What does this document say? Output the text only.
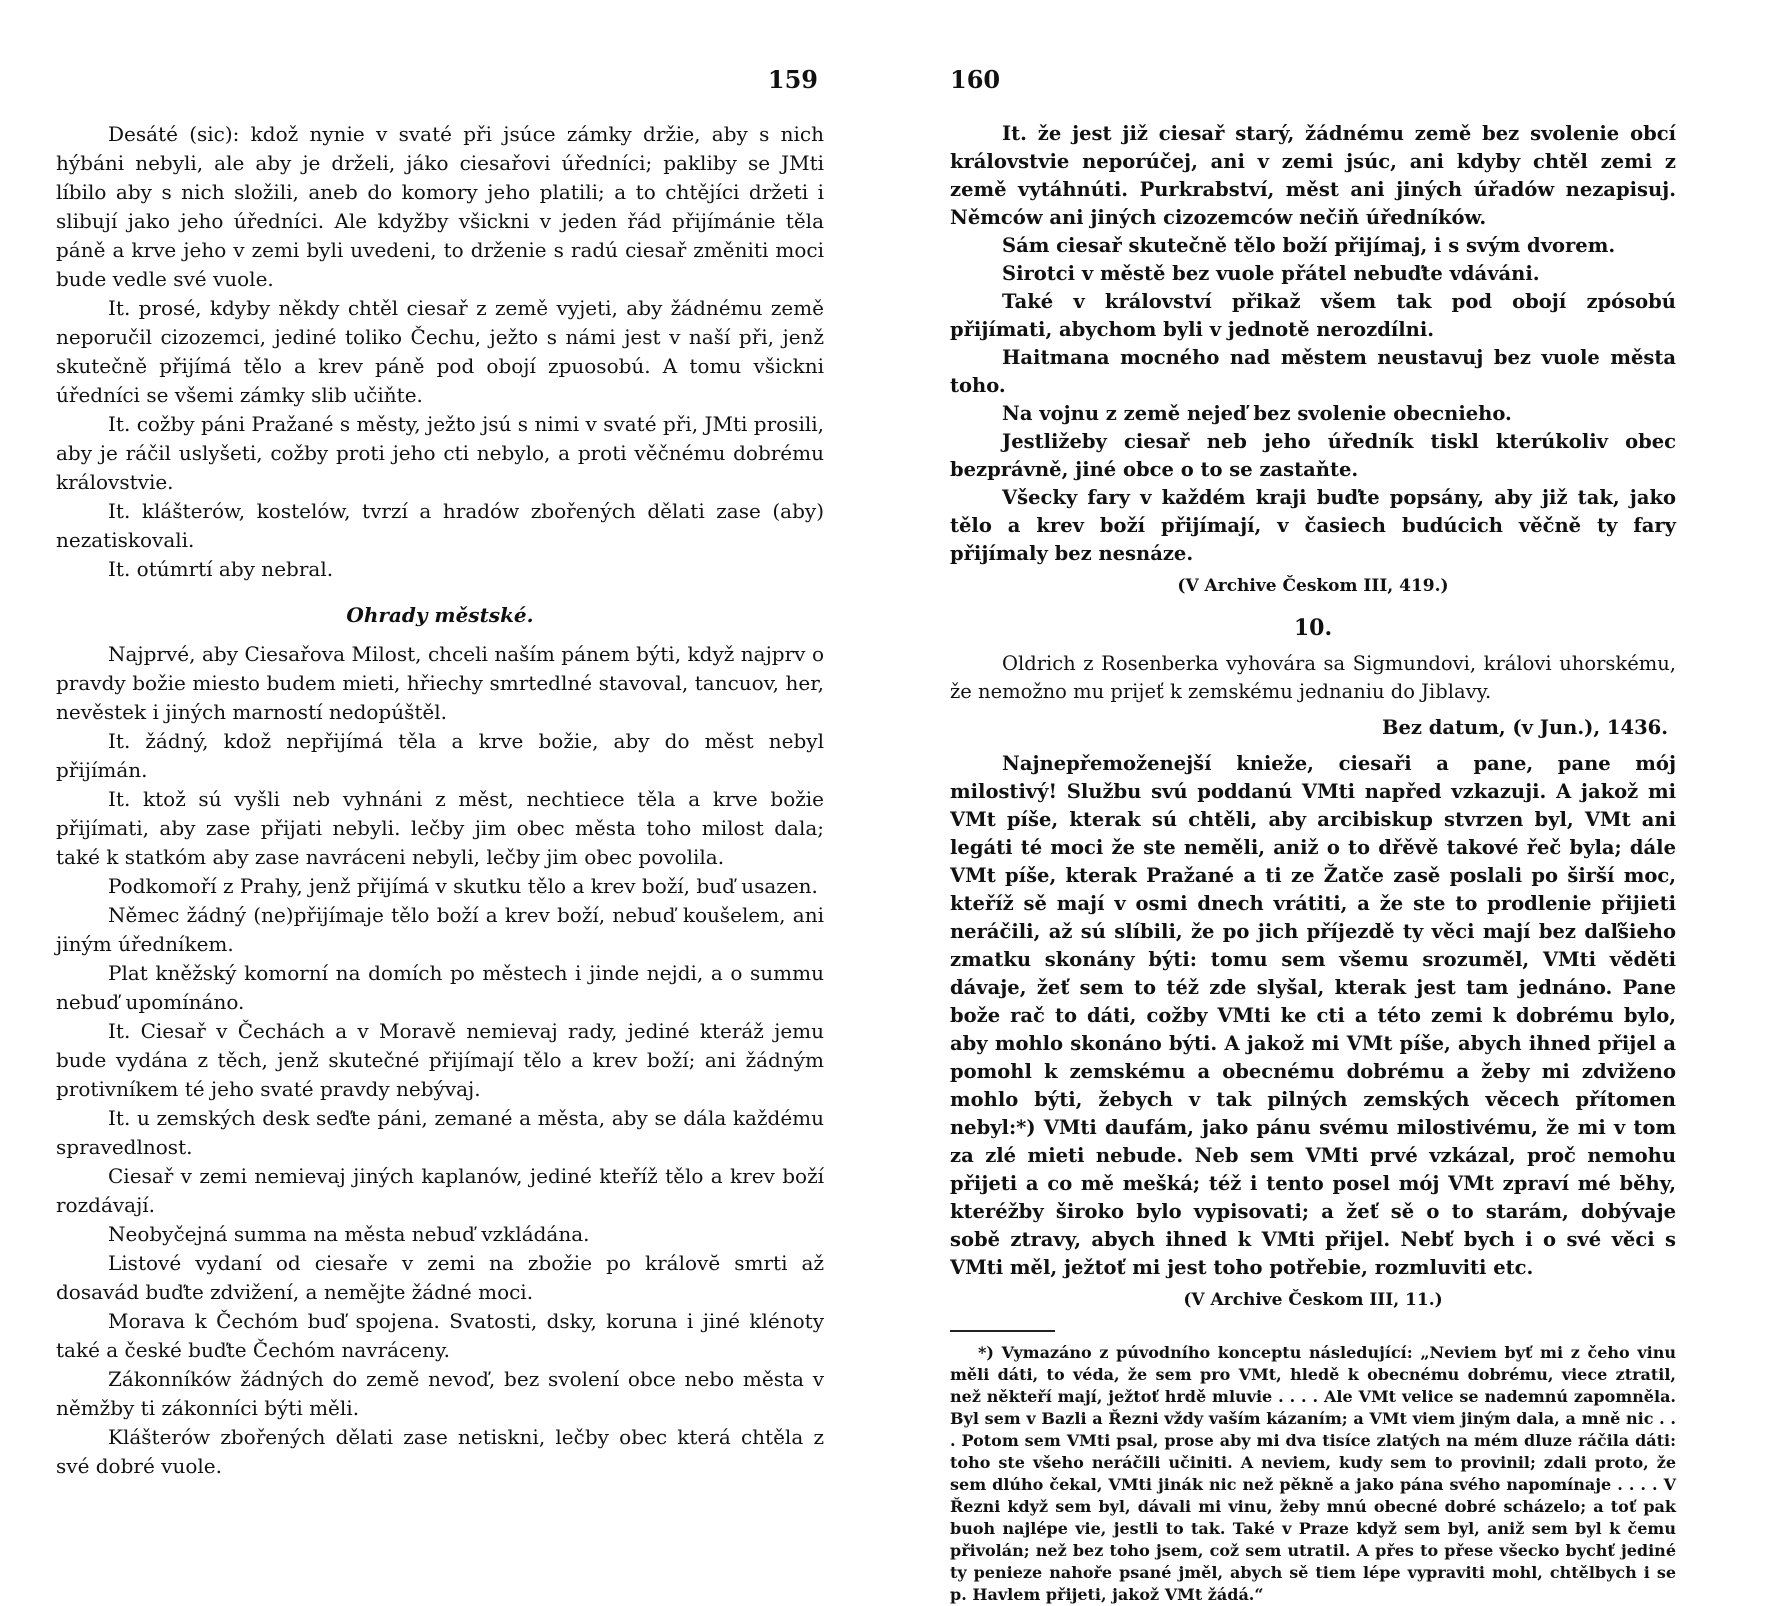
159

Desáté (sic): kdož nynie v svaté při jsúce zámky držie, aby s nich hýbáni nebyli, ale aby je drželi, jáko ciesařovi úředníci; pakliby se JMti líbilo aby s nich složili, aneb do komory jeho platili; a to chtějíci držeti i slibují jako jeho úředníci. Ale kdyžby všickni v jeden řád přijímánie těla páně a krve jeho v zemi byli uvedeni, to drženie s radú ciesař změniti moci bude vedle své vuole.

It. prosé, kdyby někdy chtěl ciesař z země vyjeti, aby žádnému země neporučil cizozemci, jediné toliko Čechu, ježto s námi jest v naší při, jenž skutečně přijímá tělo a krev páně pod obojí zpuosobú. A tomu všickni úředníci se všemi zámky slib učiňte.

It. cožby páni Pražané s městy, ježto jsú s nimi v svaté při, JMti prosili, aby je ráčil uslyšeti, cožby proti jeho cti nebylo, a proti věčnému dobrému královstvie.

It. klášterów, kostelów, tvrzí a hradów zbořených dělati zase (aby) nezatiskovali.

It. otúmrtí aby nebral.

Ohrady městské.

Najprvé, aby Ciesařova Milost, chceli naším pánem býti, když najprv o pravdy božie miesto budem mieti, hřiechy smrtedlné stavoval, tancuov, her, nevěstek i jiných marností nedopúštěl.

It. žádný, kdož nepřijímá těla a krve božie, aby do měst nebyl přijímán.

It. ktož sú vyšli neb vyhnáni z měst, nechtiece těla a krve božie přijímati, aby zase přijati nebyli. lečby jim obec města toho milost dala; také k statkóm aby zase navráceni nebyli, lečby jim obec povolila.

Podkomoří z Prahy, jenž přijímá v skutku tělo a krev boží, buď usazen.

Němec žádný (ne)přijímaje tělo boží a krev boží, nebuď koušelem, ani jiným úředníkem.

Plat kněžský komorní na domích po městech i jinde nejdi, a o summu nebuď upomínáno.

It. Ciesař v Čechách a v Moravě nemievaj rady, jediné kteráž jemu bude vydána z těch, jenž skutečné přijímají tělo a krev boží; ani žádným protivníkem té jeho svaté pravdy nebývaj.

It. u zemských desk seďte páni, zemané a města, aby se dála každému spravedlnost.

Ciesař v zemi nemievaj jiných kaplanów, jediné kteříž tělo a krev boží rozdávají.

Neobyčejná summa na města nebuď vzkládána.

Listové vydaní od ciesaře v zemi na zbožie po královĕ smrti až dosavád buďte zdvižení, a nemějte žádné moci.

Morava k Čechóm buď spojena. Svatosti, dsky, koruna i jiné klénoty také a české buďte Čechóm navráceny.

Zákonníków žádných do země nevoď, bez svolení obce nebo města v němžby ti zákonníci býti měli.

Klášterów zbořených dělati zase netiskni, lečby obec která chtěla z své dobré vuole.

160

It. že jest již ciesař starý, žádnému země bez svolenie obcí královstvie neporúčej, ani v zemi jsúc, ani kdyby chtěl zemi z země vytáhnúti. Purkrabství, měst ani jiných úřadów nezapisuj. Němców ani jiných cizozemców nečiň úředníków.

Sám ciesař skutečně tělo boží přijímaj, i s svým dvorem.

Sirotci v městě bez vuole přátel nebuďte vdáváni.

Také v království přikaž všem tak pod obojí zpósobú přijímati, abychom byli v jednotě nerozdílni.

Haitmana mocného nad městem neustavuj bez vuole města toho.

Na vojnu z země nejeď bez svolenie obecnieho.

Jestližeby ciesař neb jeho úředník tiskl kterúkoliv obec bezprávně, jiné obce o to se zastaňte.

Všecky fary v každém kraji buďte popsány, aby již tak, jako tělo a krev boží přijímají, v časiech budúcich věčně ty fary přijímaly bez nesnáze.

(V Archive Českom III, 419.)
10.

Oldrich z Rosenberka vyhovára sa Sigmundovi, královi uhorskému, že nemožno mu prijeť k zemskému jednaniu do Jiblavy.

Bez datum, (v Jun.), 1436.

Najnepřemoženejší knieže, ciesaři a pane, pane mój milostivý! Službu svú poddanú VMti napřed vzkazuji. A jakož mi VMt píše, kterak sú chtěli, aby arcibiskup stvrzen byl, VMt ani legáti té moci že ste neměli, aniž o to dřěvě takové řeč byla; dále VMt píše, kterak Pražané a ti ze Žatče zasě poslali po širší moc, kteříž sě mají v osmi dnech vrátiti, a že ste to prodlenie přijieti neráčili, až sú slíbili, že po jich příjezdě ty věci mají bez daľšieho zmatku skonány býti: tomu sem všemu srozuměl, VMti věděti dávaje, žeť sem to též zde slyšal, kterak jest tam jednáno. Pane bože rač to dáti, cožby VMti ke cti a této zemi k dobrému bylo, aby mohlo skonáno býti. A jakož mi VMt píše, abych ihned přijel a pomohl k zemskému a obecnému dobrému a žeby mi zdviženo mohlo býti, žebych v tak pilných zemských věcech přítomen nebyl:*) VMti daufám, jako pánu svému milostivému, že mi v tom za zlé mieti nebude. Neb sem VMti prvé vzkázal, proč nemohu přijeti a co mě mešká; též i tento posel mój VMt zpraví mé běhy, kteréžby široko bylo vypisovati; a žeť sě o to starám, dobývaje sobě ztravy, abych ihned k VMti přijel. Nebť bych i o své věci s VMti měl, ježtoť mi jest toho potřebie, rozmluviti etc.

(V Archive Českom III, 11.)

*) Vymazáno z púvodního konceptu následující: „Neviem byť mi z čeho vinu měli dáti, to véda, že sem pro VMt, hledě k obecnému dobrému, viece ztratil, než někteří mají, ježtoť hrdě mluvie . . . . Ale VMt velice se nademnú zapomněla. Byl sem v Bazli a Řezni vždy vaším kázaním; a VMt viem jiným dala, a mně nic . . . Potom sem VMti psal, prose aby mi dva tisíce zlatých na mém dluze ráčila dáti: toho ste všeho neráčili učiniti. A neviem, kudy sem to provinil; zdali proto, že sem dlúho čekal, VMti jinák nic než pěkně a jako pána svého napomínaje . . . . V Řezni když sem byl, dávali mi vinu, žeby mnú obecné dobré scházelo; a toť pak buoh najlépe vie, jestli to tak. Také v Praze když sem byl, aniž sem byl k čemu přivolán; než bez toho jsem, což sem utratil. A přes to přese všecko bychť jediné ty penieze nahoře psané jměl, abych sě tiem lépe vypraviti mohl, chtělbych i se p. Havlem přijeti, jakož VMt žádá.“
